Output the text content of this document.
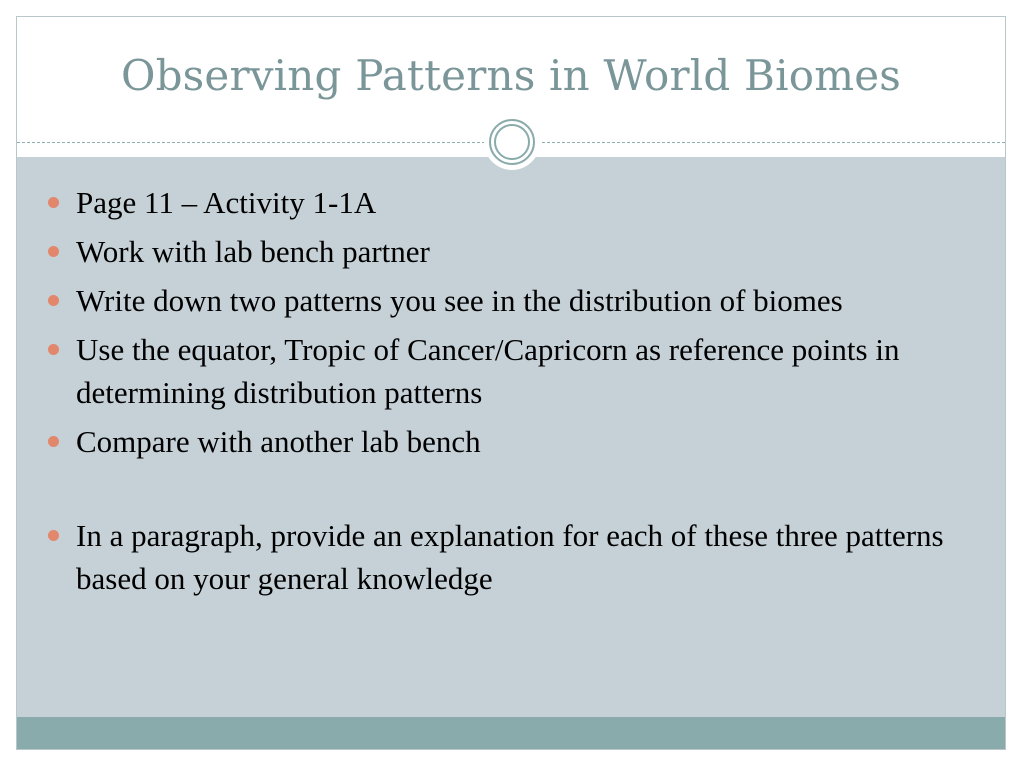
Observing Patterns in World Biomes
Page 11 – Activity 1-1A
Work with lab bench partner
Write down two patterns you see in the distribution of biomes
Use the equator, Tropic of Cancer/Capricorn as reference points in determining distribution patterns
Compare with another lab bench
In a paragraph, provide an explanation for each of these three patterns based on your general knowledge
